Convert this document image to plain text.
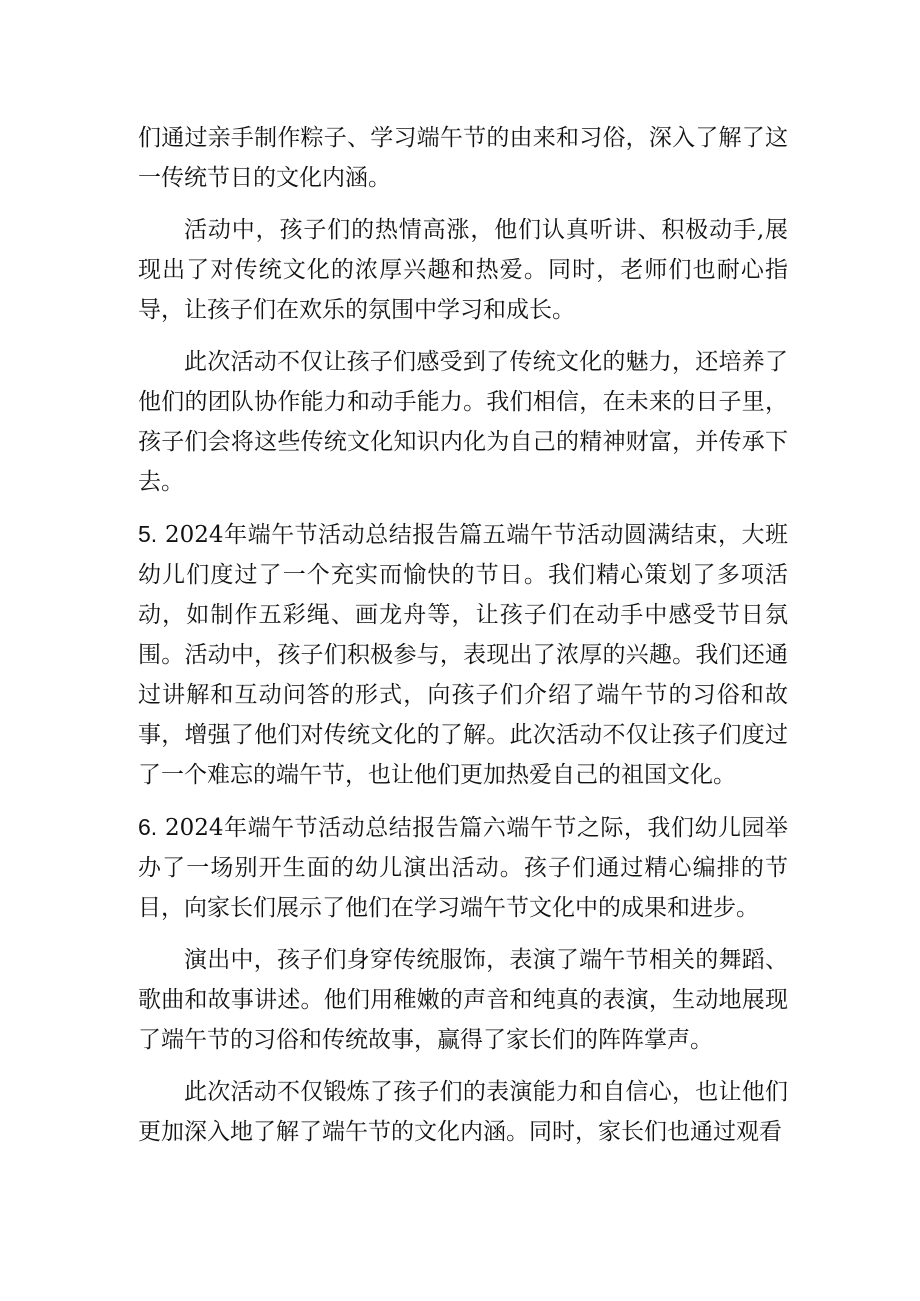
们通过亲手制作粽子、学习端午节的由来和习俗，深入了解了这一传统节日的文化内涵。

活动中，孩子们的热情高涨，他们认真听讲、积极动手,展现出了对传统文化的浓厚兴趣和热爱。同时，老师们也耐心指导，让孩子们在欢乐的氛围中学习和成长。

此次活动不仅让孩子们感受到了传统文化的魅力，还培养了他们的团队协作能力和动手能力。我们相信，在未来的日子里，孩子们会将这些传统文化知识内化为自己的精神财富，并传承下去。

5. 2024年端午节活动总结报告篇五端午节活动圆满结束，大班幼儿们度过了一个充实而愉快的节日。我们精心策划了多项活动，如制作五彩绳、画龙舟等，让孩子们在动手中感受节日氛围。活动中，孩子们积极参与，表现出了浓厚的兴趣。我们还通过讲解和互动问答的形式，向孩子们介绍了端午节的习俗和故事，增强了他们对传统文化的了解。此次活动不仅让孩子们度过了一个难忘的端午节，也让他们更加热爱自己的祖国文化。

6. 2024年端午节活动总结报告篇六端午节之际，我们幼儿园举办了一场别开生面的幼儿演出活动。孩子们通过精心编排的节目，向家长们展示了他们在学习端午节文化中的成果和进步。

演出中，孩子们身穿传统服饰，表演了端午节相关的舞蹈、歌曲和故事讲述。他们用稚嫩的声音和纯真的表演，生动地展现了端午节的习俗和传统故事，赢得了家长们的阵阵掌声。

此次活动不仅锻炼了孩子们的表演能力和自信心，也让他们更加深入地了解了端午节的文化内涵。同时，家长们也通过观看
